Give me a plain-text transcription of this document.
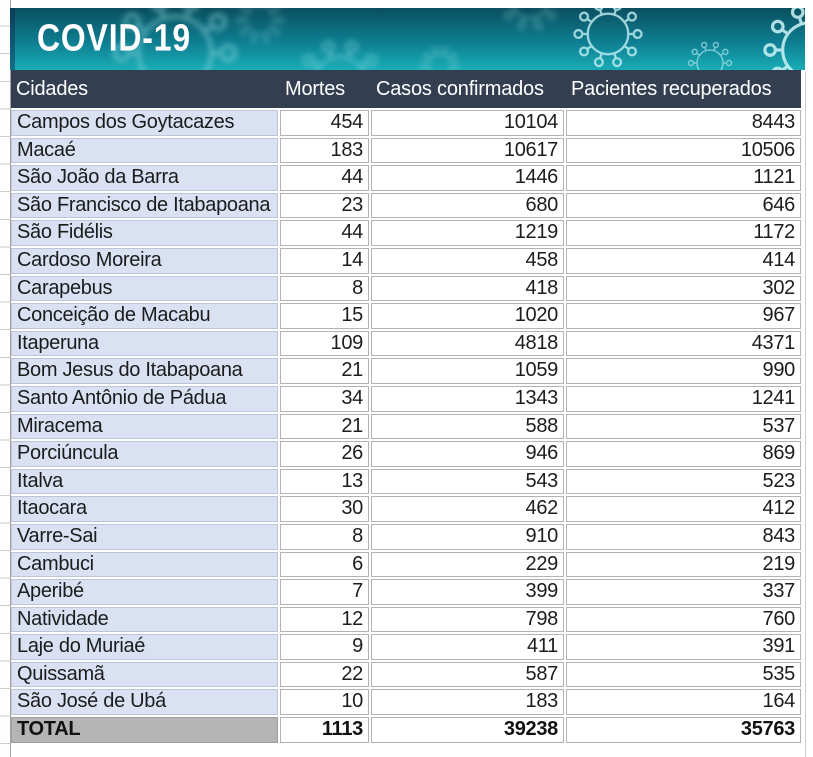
COVID-19
Cidades	Mortes	Casos confirmados	Pacientes recuperados
Campos dos Goytacazes	454	10104	8443
Macaé	183	10617	10506
São João da Barra	44	1446	1121
São Francisco de Itabapoana	23	680	646
São Fidélis	44	1219	1172
Cardoso Moreira	14	458	414
Carapebus	8	418	302
Conceição de Macabu	15	1020	967
Itaperuna	109	4818	4371
Bom Jesus do Itabapoana	21	1059	990
Santo Antônio de Pádua	34	1343	1241
Miracema	21	588	537
Porciúncula	26	946	869
Italva	13	543	523
Itaocara	30	462	412
Varre-Sai	8	910	843
Cambuci	6	229	219
Aperibé	7	399	337
Natividade	12	798	760
Laje do Muriaé	9	411	391
Quissamã	22	587	535
São José de Ubá	10	183	164
TOTAL	1113	39238	35763
